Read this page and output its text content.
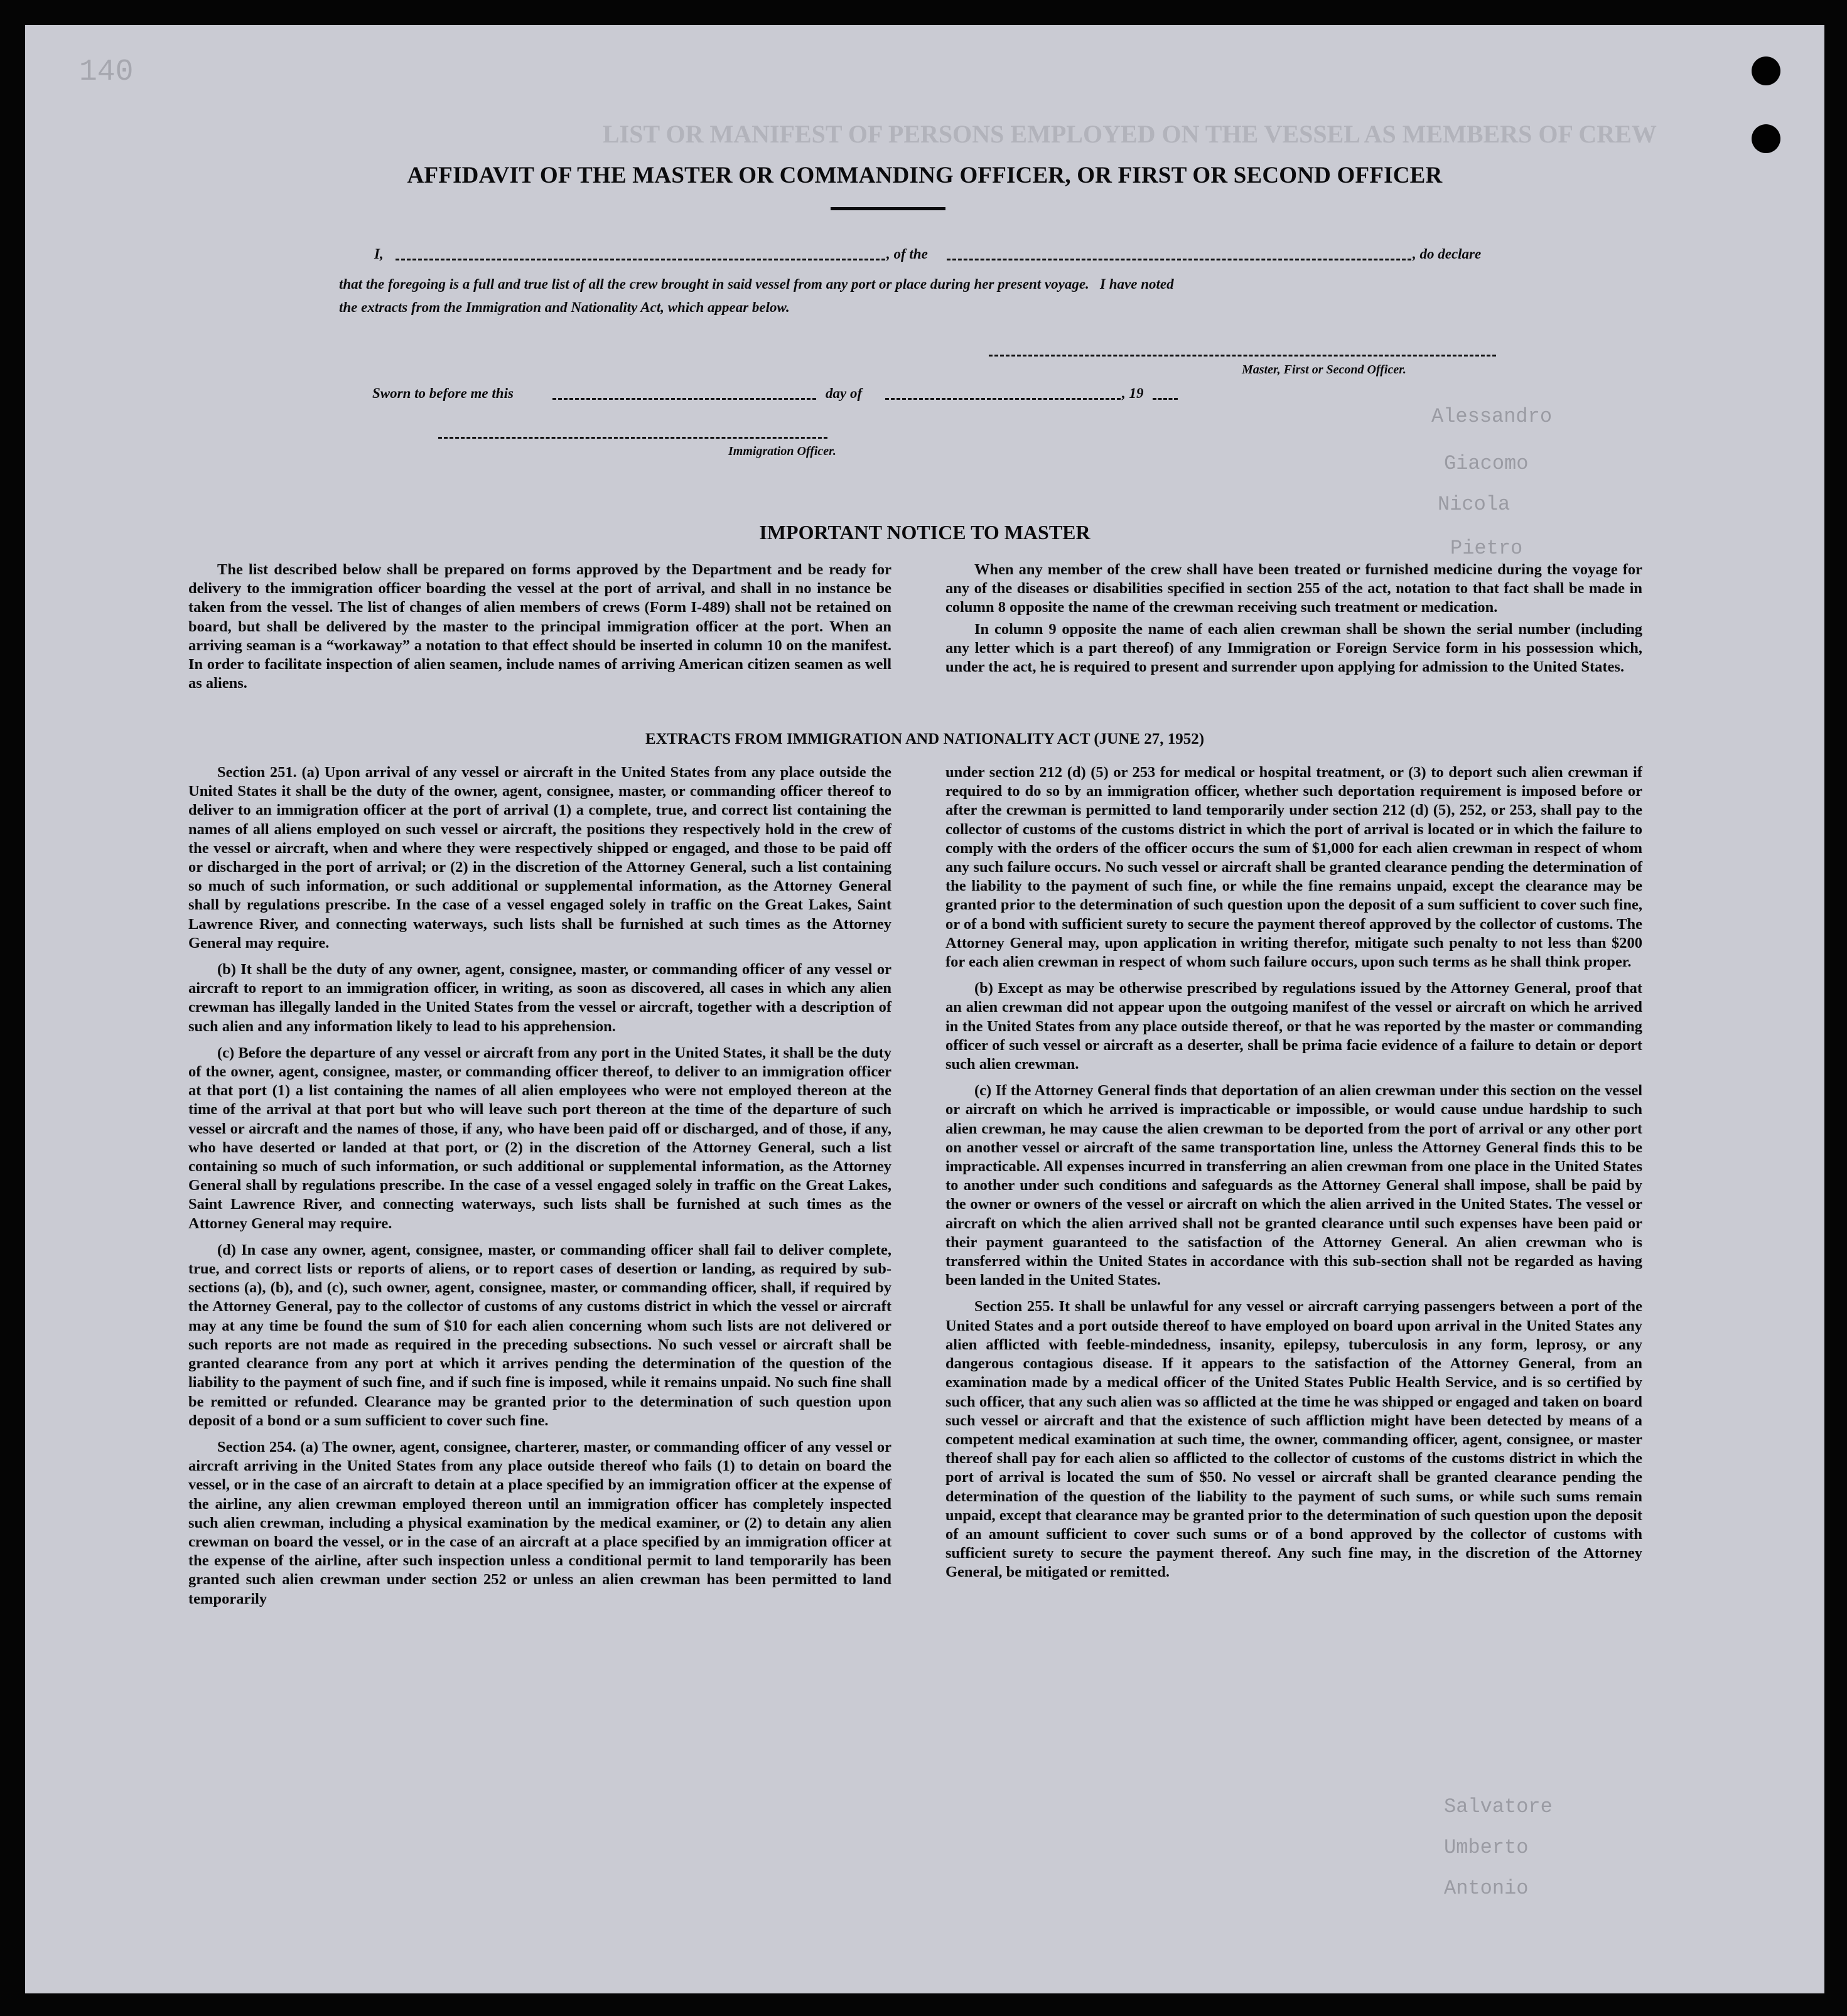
140
LIST OR MANIFEST OF PERSONS EMPLOYED ON THE VESSEL AS MEMBERS OF CREW
Alessandro
Giacomo
Nicola
Pietro
Salvatore
Umberto
Antonio
AFFIDAVIT OF THE MASTER OR COMMANDING OFFICER, OR FIRST OR SECOND OFFICER
I,	, of the	, do declare
that the foregoing is a full and true list of all the crew brought in said vessel from any port or place during her present voyage.   I have noted
the extracts from the Immigration and Nationality Act, which appear below.
Master, First or Second Officer.
Sworn to before me this	day of	, 19
Immigration Officer.
IMPORTANT NOTICE TO MASTER

The list described below shall be prepared on forms approved by the Department and be ready for delivery to the immigration officer boarding the vessel at the port of arrival, and shall in no instance be taken from the vessel. The list of changes of alien members of crews (Form I-489) shall not be retained on board, but shall be delivered by the master to the principal immigration officer at the port. When an arriving seaman is a “workaway” a notation to that effect should be inserted in column 10 on the manifest. In order to facilitate inspection of alien seamen, include names of arriving American citizen seamen as well as aliens.

When any member of the crew shall have been treated or furnished medicine during the voyage for any of the diseases or disabilities specified in section 255 of the act, notation to that fact shall be made in column 8 opposite the name of the crewman receiving such treatment or medication.

In column 9 opposite the name of each alien crewman shall be shown the serial number (including any letter which is a part thereof) of any Immigration or Foreign Service form in his possession which, under the act, he is required to present and surrender upon applying for admission to the United States.

EXTRACTS FROM IMMIGRATION AND NATIONALITY ACT (JUNE 27, 1952)

Section 251. (a) Upon arrival of any vessel or aircraft in the United States from any place outside the United States it shall be the duty of the owner, agent, consignee, master, or commanding officer thereof to deliver to an immigration officer at the port of arrival (1) a complete, true, and correct list containing the names of all aliens employed on such vessel or aircraft, the positions they respectively hold in the crew of the vessel or aircraft, when and where they were respectively shipped or engaged, and those to be paid off or discharged in the port of arrival; or (2) in the discretion of the Attorney General, such a list containing so much of such information, or such additional or supplemental information, as the Attorney General shall by regulations prescribe. In the case of a vessel engaged solely in traffic on the Great Lakes, Saint Lawrence River, and connecting waterways, such lists shall be furnished at such times as the Attorney General may require.

(b) It shall be the duty of any owner, agent, consignee, master, or commanding officer of any vessel or aircraft to report to an immigration officer, in writing, as soon as discovered, all cases in which any alien crewman has illegally landed in the United States from the vessel or aircraft, together with a description of such alien and any information likely to lead to his apprehension.

(c) Before the departure of any vessel or aircraft from any port in the United States, it shall be the duty of the owner, agent, consignee, master, or commanding officer thereof, to deliver to an immigration officer at that port (1) a list containing the names of all alien employees who were not employed thereon at the time of the arrival at that port but who will leave such port thereon at the time of the departure of such vessel or aircraft and the names of those, if any, who have been paid off or discharged, and of those, if any, who have deserted or landed at that port, or (2) in the discretion of the Attorney General, such a list containing so much of such information, or such additional or supplemental information, as the Attorney General shall by regulations prescribe. In the case of a vessel engaged solely in traffic on the Great Lakes, Saint Lawrence River, and connecting waterways, such lists shall be furnished at such times as the Attorney General may require.

(d) In case any owner, agent, consignee, master, or commanding officer shall fail to deliver complete, true, and correct lists or reports of aliens, or to report cases of desertion or landing, as required by sub-sections (a), (b), and (c), such owner, agent, consignee, master, or commanding officer, shall, if required by the Attorney General, pay to the collector of customs of any customs district in which the vessel or aircraft may at any time be found the sum of $10 for each alien concerning whom such lists are not delivered or such reports are not made as required in the preceding subsections. No such vessel or aircraft shall be granted clearance from any port at which it arrives pending the determination of the question of the liability to the payment of such fine, and if such fine is imposed, while it remains unpaid. No such fine shall be remitted or refunded. Clearance may be granted prior to the determination of such question upon deposit of a bond or a sum sufficient to cover such fine.

Section 254. (a) The owner, agent, consignee, charterer, master, or commanding officer of any vessel or aircraft arriving in the United States from any place outside thereof who fails (1) to detain on board the vessel, or in the case of an aircraft to detain at a place specified by an immigration officer at the expense of the airline, any alien crewman employed thereon until an immigration officer has completely inspected such alien crewman, including a physical examination by the medical examiner, or (2) to detain any alien crewman on board the vessel, or in the case of an aircraft at a place specified by an immigration officer at the expense of the airline, after such inspection unless a conditional permit to land temporarily has been granted such alien crewman under section 252 or unless an alien crewman has been permitted to land temporarily

under section 212 (d) (5) or 253 for medical or hospital treatment, or (3) to deport such alien crewman if required to do so by an immigration officer, whether such deportation requirement is imposed before or after the crewman is permitted to land temporarily under section 212 (d) (5), 252, or 253, shall pay to the collector of customs of the customs district in which the port of arrival is located or in which the failure to comply with the orders of the officer occurs the sum of $1,000 for each alien crewman in respect of whom any such failure occurs. No such vessel or aircraft shall be granted clearance pending the determination of the liability to the payment of such fine, or while the fine remains unpaid, except the clearance may be granted prior to the determination of such question upon the deposit of a sum sufficient to cover such fine, or of a bond with sufficient surety to secure the payment thereof approved by the collector of customs. The Attorney General may, upon application in writing therefor, mitigate such penalty to not less than $200 for each alien crewman in respect of whom such failure occurs, upon such terms as he shall think proper.

(b) Except as may be otherwise prescribed by regulations issued by the Attorney General, proof that an alien crewman did not appear upon the outgoing manifest of the vessel or aircraft on which he arrived in the United States from any place outside thereof, or that he was reported by the master or commanding officer of such vessel or aircraft as a deserter, shall be prima facie evidence of a failure to detain or deport such alien crewman.

(c) If the Attorney General finds that deportation of an alien crewman under this section on the vessel or aircraft on which he arrived is impracticable or impossible, or would cause undue hardship to such alien crewman, he may cause the alien crewman to be deported from the port of arrival or any other port on another vessel or aircraft of the same transportation line, unless the Attorney General finds this to be impracticable. All expenses incurred in transferring an alien crewman from one place in the United States to another under such conditions and safeguards as the Attorney General shall impose, shall be paid by the owner or owners of the vessel or aircraft on which the alien arrived in the United States. The vessel or aircraft on which the alien arrived shall not be granted clearance until such expenses have been paid or their payment guaranteed to the satisfaction of the Attorney General. An alien crewman who is transferred within the United States in accordance with this sub-section shall not be regarded as having been landed in the United States.

Section 255. It shall be unlawful for any vessel or aircraft carrying passengers between a port of the United States and a port outside thereof to have employed on board upon arrival in the United States any alien afflicted with feeble-mindedness, insanity, epilepsy, tuberculosis in any form, leprosy, or any dangerous contagious disease. If it appears to the satisfaction of the Attorney General, from an examination made by a medical officer of the United States Public Health Service, and is so certified by such officer, that any such alien was so afflicted at the time he was shipped or engaged and taken on board such vessel or aircraft and that the existence of such affliction might have been detected by means of a competent medical examination at such time, the owner, commanding officer, agent, consignee, or master thereof shall pay for each alien so afflicted to the collector of customs of the customs district in which the port of arrival is located the sum of $50. No vessel or aircraft shall be granted clearance pending the determination of the question of the liability to the payment of such sums, or while such sums remain unpaid, except that clearance may be granted prior to the determination of such question upon the deposit of an amount sufficient to cover such sums or of a bond approved by the collector of customs with sufficient surety to secure the payment thereof. Any such fine may, in the discretion of the Attorney General, be mitigated or remitted.
